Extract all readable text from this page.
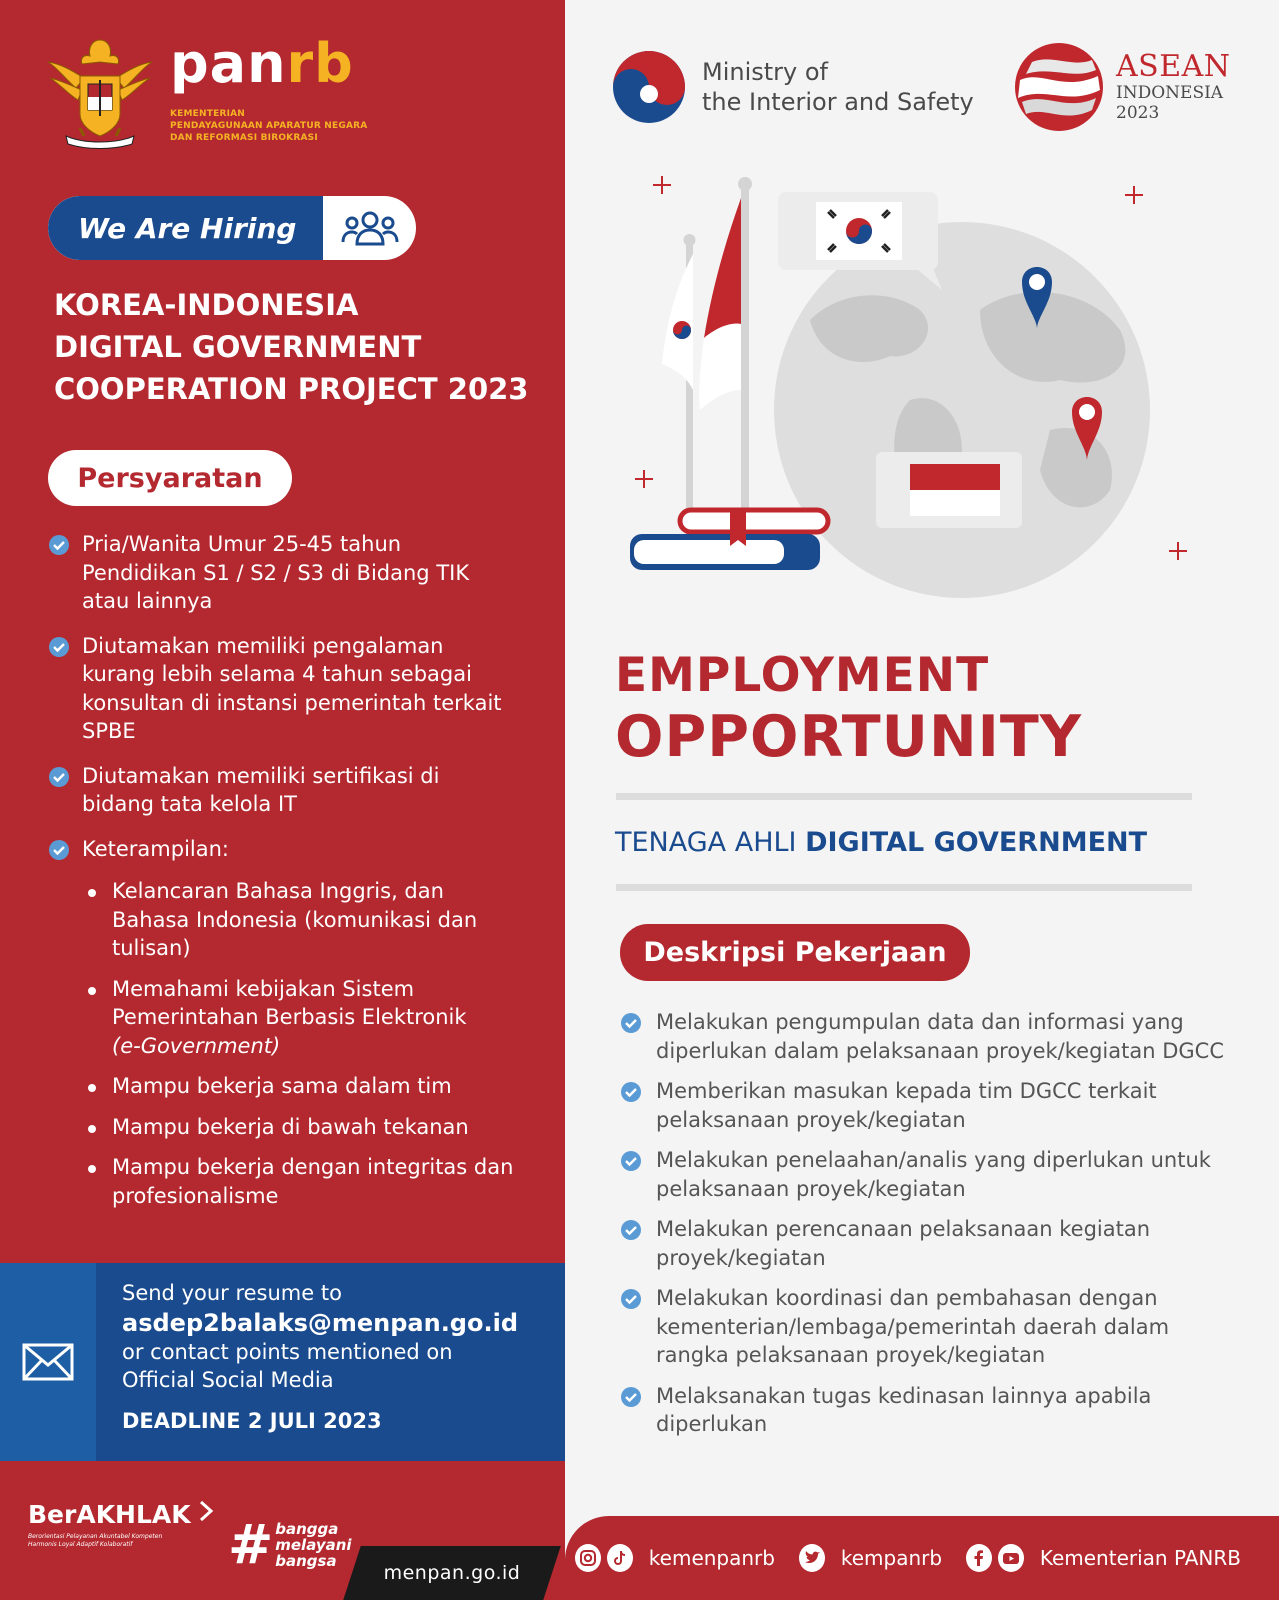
panrb
KEMENTERIAN
PENDAYAGUNAAN APARATUR NEGARA
DAN REFORMASI BIROKRASI
We Are Hiring
KOREA-INDONESIA
DIGITAL GOVERNMENT
COOPERATION PROJECT 2023
Persyaratan
Pria/Wanita Umur 25-45 tahun Pendidikan S1 / S2 / S3 di Bidang TIK atau lainnya
Diutamakan memiliki pengalaman kurang lebih selama 4 tahun sebagai konsultan di instansi pemerintah terkait SPBE
Diutamakan memiliki sertifikasi di bidang tata kelola IT
Keterampilan:
Kelancaran Bahasa Inggris, dan Bahasa Indonesia (komunikasi dan tulisan)
Memahami kebijakan Sistem Pemerintahan Berbasis Elektronik
(e-Government)
Mampu bekerja sama dalam tim
Mampu bekerja di bawah tekanan
Mampu bekerja dengan integritas dan profesionalisme
Send your resume to
asdep2balaks@menpan.go.id
or contact points mentioned on
Official Social Media
DEADLINE 2 JULI 2023
BerAKHLAK
Berorientasi Pelayanan Akuntabel Kompeten
Harmonis Loyal Adaptif Kolaboratif	# bangga
melayani
bangsa
menpan.go.id
Ministry of
the Interior and Safety
ASEAN
INDONESIA
2023
EMPLOYMENT
OPPORTUNITY
TENAGA AHLI DIGITAL GOVERNMENT
Deskripsi Pekerjaan
Melakukan pengumpulan data dan informasi yang diperlukan dalam pelaksanaan proyek/kegiatan DGCC
Memberikan masukan kepada tim DGCC terkait pelaksanaan proyek/kegiatan
Melakukan penelaahan/analis yang diperlukan untuk pelaksanaan proyek/kegiatan
Melakukan perencanaan pelaksanaan kegiatan proyek/kegiatan
Melakukan koordinasi dan pembahasan dengan kementerian/lembaga/pemerintah daerah dalam rangka pelaksanaan proyek/kegiatan
Melaksanakan tugas kedinasan lainnya apabila diperlukan
kemenpanrb	kempanrb	Kementerian PANRB
